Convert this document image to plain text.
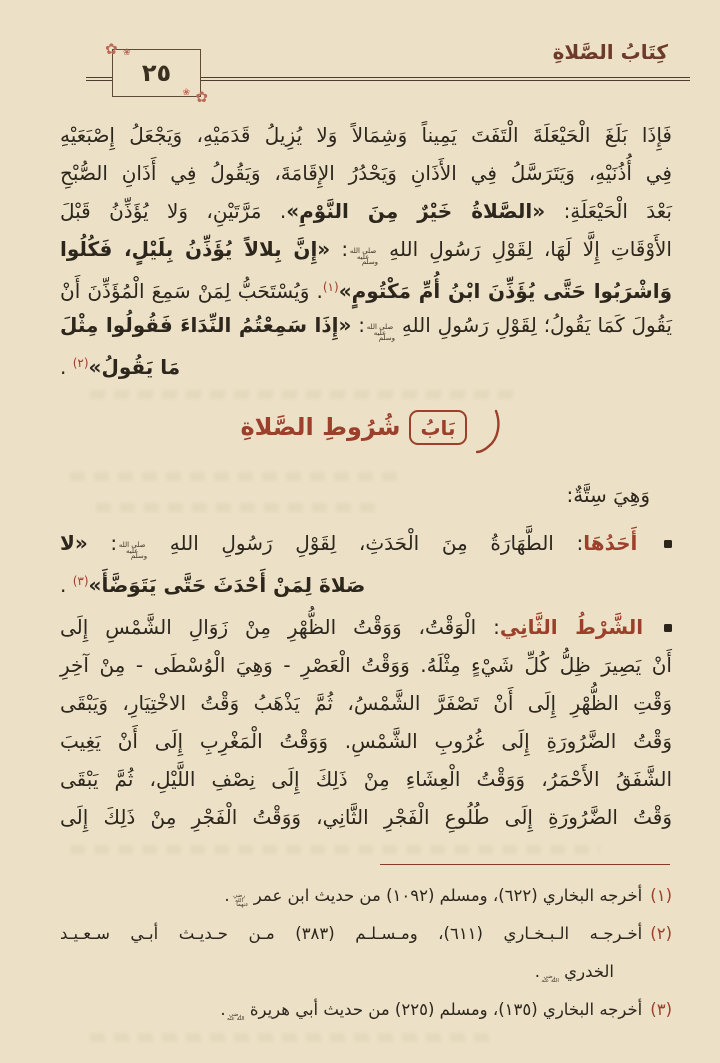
كِتَابُ الصَّلاةِ
✿ ❀
٢٥
✿
❀
فَإِذَا بَلَغَ الْحَيْعَلَةَ الْتَفَتَ يَمِيناً وَشِمَالاً وَلا يُزِيلُ قَدَمَيْهِ، وَيَجْعَلُ إِصْبَعَيْهِ
فِي أُذُنَيْهِ، وَيَتَرَسَّلُ فِي الأَذَانِ وَيَحْدُرُ الإِقَامَةَ، وَيَقُولُ فِي أَذَانِ الصُّبْحِ
بَعْدَ الْحَيْعَلَةِ: «الصَّلاةُ خَيْرٌ مِنَ النَّوْمِ». مَرَّتَيْنِ، وَلا يُؤَذِّنُ قَبْلَ
الأَوْقَاتِ إِلَّا لَهَا، لِقَوْلِ رَسُولِ اللهِ صلى الله عليه وسلم: «إِنَّ بِلالاً يُؤَذِّنُ بِلَيْلٍ، فَكُلُوا
وَاشْرَبُوا حَتَّى يُؤَذِّنَ ابْنُ أُمِّ مَكْتُومٍ»$^{(١)}$. وَيُسْتَحَبُّ لِمَنْ سَمِعَ الْمُؤَذِّنَ أَنْ
يَقُولَ كَمَا يَقُولُ؛ لِقَوْلِ رَسُولِ اللهِ صلى الله عليه وسلم: «إِذَا سَمِعْتُمُ النِّدَاءَ فَقُولُوا مِثْلَ
مَا يَقُولُ»$^{(٢)}$ .
بَابُ
شُرُوطِ الصَّلاةِ
وَهِيَ سِتَّةٌ:
أَحَدُهَا: الطَّهَارَةُ مِنَ الْحَدَثِ، لِقَوْلِ رَسُولِ اللهِ صلى الله عليه وسلم: «لا
صَلاةَ لِمَنْ أَحْدَثَ حَتَّى يَتَوَضَّأَ»$^{(٣)}$ .
الشَّرْطُ الثَّانِي: الْوَقْتُ، وَوَقْتُ الظُّهْرِ مِنْ زَوَالِ الشَّمْسِ إِلَى
أَنْ يَصِيرَ ظِلُّ كُلِّ شَيْءٍ مِثْلَهُ. وَوَقْتُ الْعَصْرِ - وَهِيَ الْوُسْطَى - مِنْ آخِرِ
وَقْتِ الظُّهْرِ إِلَى أَنْ تَصْفَرَّ الشَّمْسُ، ثُمَّ يَذْهَبُ وَقْتُ الاخْتِيَارِ، وَيَبْقَى
وَقْتُ الضَّرُورَةِ إِلَى غُرُوبِ الشَّمْسِ. وَوَقْتُ الْمَغْرِبِ إِلَى أَنْ يَغِيبَ
الشَّفَقُ الأَحْمَرُ، وَوَقْتُ الْعِشَاءِ مِنْ ذَلِكَ إِلَى نِصْفِ اللَّيْلِ، ثُمَّ يَبْقَى
وَقْتُ الضَّرُورَةِ إِلَى طُلُوعِ الْفَجْرِ الثَّانِي، وَوَقْتُ الْفَجْرِ مِنْ ذَلِكَ إِلَى
(١)أخرجه البخاري (٦٢٢)، ومسلم (١٠٩٢) من حديث ابن عمر رضي الله عنهما.
(٢)أخـرجـه الـبـخـاري (٦١١)، ومـسـلـم (٣٨٣) مـن حـديـث أبـي سـعـيـد
الخدري رضي الله عنه.
(٣)أخرجه البخاري (١٣٥)، ومسلم (٢٢٥) من حديث أبي هريرة رضي الله عنه.
